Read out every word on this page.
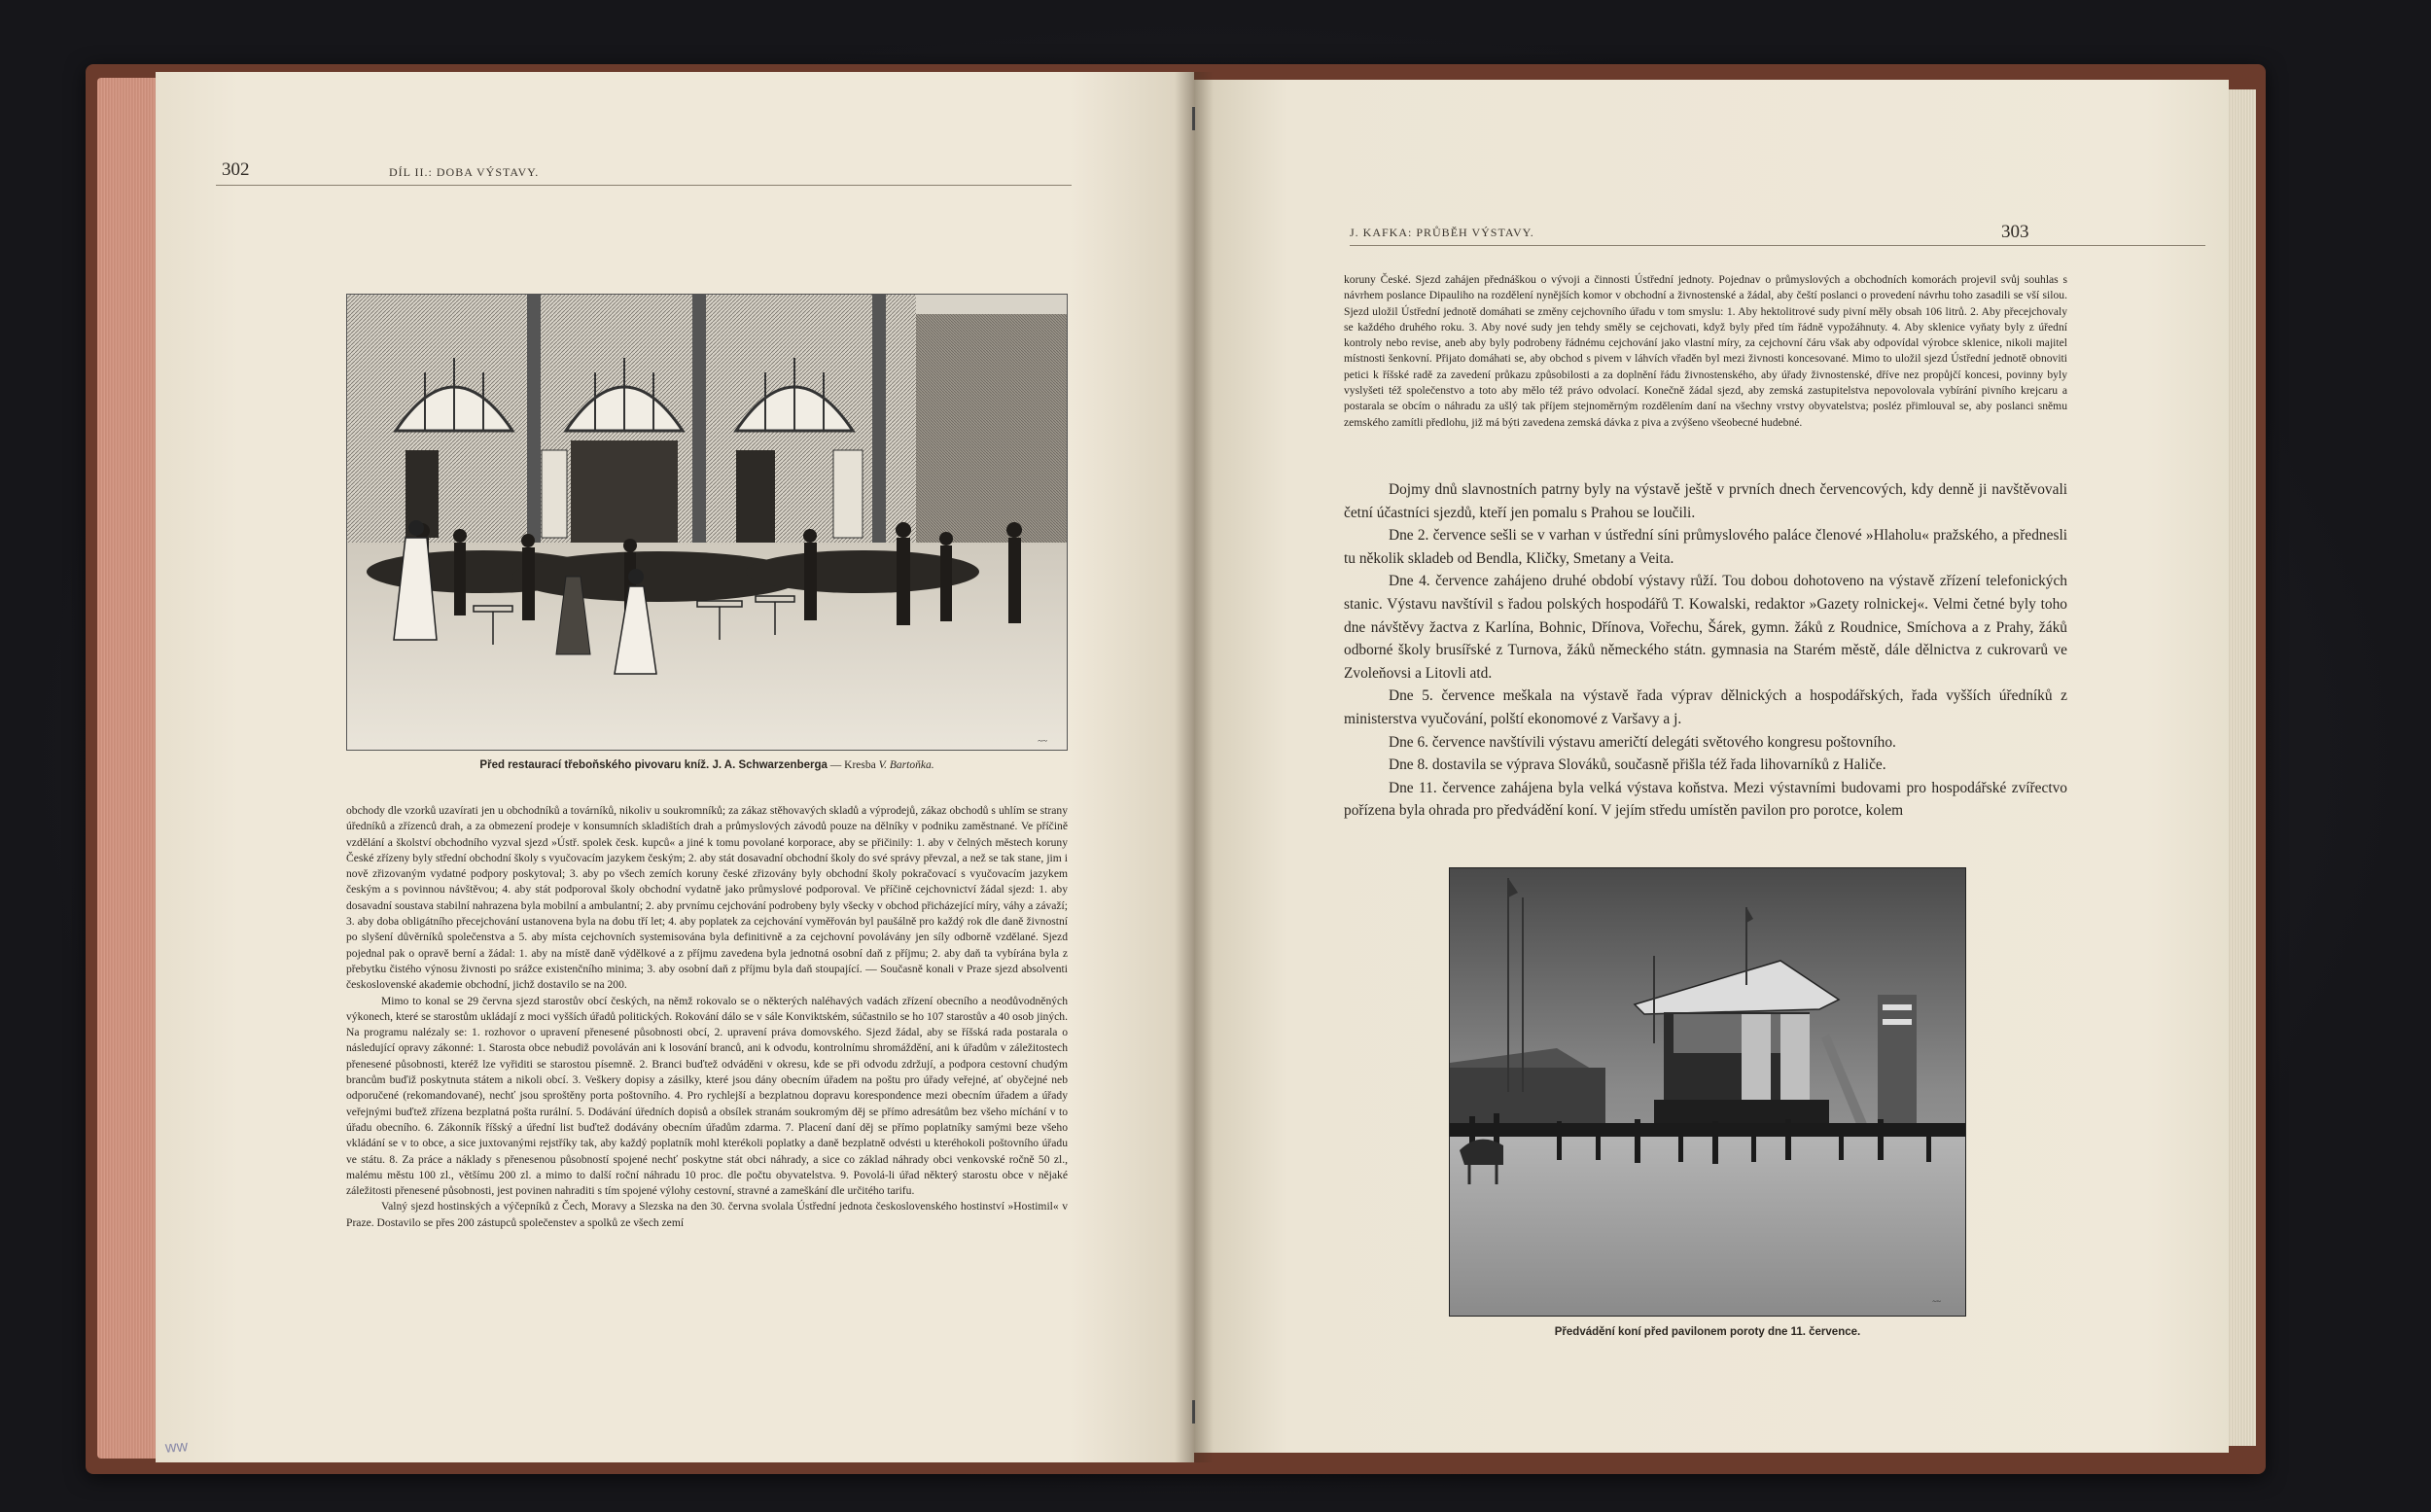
302	DÍL II.: DOBA VÝSTAVY.
~~
Před restaurací třeboňského pivovaru kníž. J. A. Schwarzenberga — Kresba V. Bartoňka.

obchody dle vzorků uzavírati jen u obchodníků a továrníků, nikoliv u soukromníků; za zákaz stěhovavých skladů a výprodejů, zákaz obchodů s uhlím se strany úředníků a zřízenců drah, a za obmezení prodeje v konsumních skladištích drah a průmyslových závodů pouze na dělníky v podniku zaměstnané. Ve příčině vzdělání a školství obchodního vyzval sjezd »Ústř. spolek česk. kupců« a jiné k tomu povolané korporace, aby se přičinily: 1. aby v čelných městech koruny České zřízeny byly střední obchodní školy s vyučovacím jazykem českým; 2. aby stát dosavadní obchodní školy do své správy převzal, a než se tak stane, jim i nově zřizovaným vydatné podpory poskytoval; 3. aby po všech zemích koruny české zřizovány byly obchodní školy pokračovací s vyučovacím jazykem českým a s povinnou návštěvou; 4. aby stát podporoval školy obchodní vydatně jako průmyslové podporoval. Ve příčině cejchovnictví žádal sjezd: 1. aby dosavadní soustava stabilní nahrazena byla mobilní a ambulantní; 2. aby prvnímu cejchování podrobeny byly všecky v obchod přicházející míry, váhy a závaží; 3. aby doba obligátního přecejchování ustanovena byla na dobu tří let; 4. aby poplatek za cejchování vyměřován byl paušálně pro každý rok dle daně živnostní po slyšení důvěrníků společenstva a 5. aby místa cejchovních systemisována byla definitivně a za cejchovní povolávány jen síly odborně vzdělané. Sjezd pojednal pak o opravě berní a žádal: 1. aby na místě daně výdělkové a z příjmu zavedena byla jednotná osobní daň z příjmu; 2. aby daň ta vybírána byla z přebytku čistého výnosu živnosti po srážce existenčního minima; 3. aby osobní daň z příjmu byla daň stoupající. — Současně konali v Praze sjezd absolventi československé akademie obchodní, jichž dostavilo se na 200.

Mimo to konal se 29 června sjezd starostův obcí českých, na němž rokovalo se o některých naléhavých vadách zřízení obecního a neodůvodněných výkonech, které se starostům ukládají z moci vyšších úřadů politických. Rokování dálo se v sále Konviktském, súčastnilo se ho 107 starostův a 40 osob jiných. Na programu nalézaly se: 1. rozhovor o upravení přenesené působnosti obcí, 2. upravení práva domovského. Sjezd žádal, aby se říšská rada postarala o následující opravy zákonné: 1. Starosta obce nebudiž povoláván ani k losování branců, ani k odvodu, kontrolnímu shromáždění, ani k úřadům v záležitostech přenesené působnosti, kteréž lze vyřiditi se starostou písemně. 2. Branci buďtež odváděni v okresu, kde se při odvodu zdržují, a podpora cestovní chudým brancům buďiž poskytnuta státem a nikoli obcí. 3. Veškery dopisy a zásilky, které jsou dány obecním úřadem na poštu pro úřady veřejné, ať obyčejné neb odporučené (rekomandované), nechť jsou sproštěny porta poštovního. 4. Pro rychlejší a bezplatnou dopravu korespondence mezi obecním úřadem a úřady veřejnými buďtež zřízena bezplatná pošta rurální. 5. Dodávání úředních dopisů a obsílek stranám soukromým děj se přímo adresátům bez všeho míchání v to úřadu obecního. 6. Zákonník říšský a úřední list buďtež dodávány obecním úřadům zdarma. 7. Placení daní děj se přímo poplatníky samými beze všeho vkládání se v to obce, a sice juxtovanými rejstříky tak, aby každý poplatník mohl kterékoli poplatky a daně bezplatně odvésti u kteréhokoli poštovního úřadu ve státu. 8. Za práce a náklady s přenesenou působností spojené nechť poskytne stát obci náhrady, a sice co základ náhrady obci venkovské ročně 50 zl., malému městu 100 zl., většímu 200 zl. a mimo to další roční náhradu 10 proc. dle počtu obyvatelstva. 9. Povolá-li úřad některý starostu obce v nějaké záležitosti přenesené působnosti, jest povinen nahraditi s tím spojené výlohy cestovní, stravné a zameškání dle určitého tarifu.

Valný sjezd hostinských a výčepníků z Čech, Moravy a Slezska na den 30. června svolala Ústřední jednota československého hostinství »Hostimil« v Praze. Dostavilo se přes 200 zástupců společenstev a spolků ze všech zemí

J. KAFKA: PRŮBĚH VÝSTAVY.	303

koruny České. Sjezd zahájen přednáškou o vývoji a činnosti Ústřední jednoty. Pojednav o průmyslových a obchodních komorách projevil svůj souhlas s návrhem poslance Dipauliho na rozdělení nynějších komor v obchodní a živnostenské a žádal, aby čeští poslanci o provedení návrhu toho zasadili se vší silou. Sjezd uložil Ústřední jednotě domáhati se změny cejchovního úřadu v tom smyslu: 1. Aby hektolitrové sudy pivní měly obsah 106 litrů. 2. Aby přecejchovaly se každého druhého roku. 3. Aby nové sudy jen tehdy směly se cejchovati, když byly před tím řádně vypožáhnuty. 4. Aby sklenice vyňaty byly z úřední kontroly nebo revise, aneb aby byly podrobeny řádnému cejchování jako vlastní míry, za cejchovní čáru však aby odpovídal výrobce sklenice, nikoli majitel místnosti šenkovní. Přijato domáhati se, aby obchod s pivem v láhvích vřaděn byl mezi živnosti koncesované. Mimo to uložil sjezd Ústřední jednotě obnoviti petici k říšské radě za zavedení průkazu způsobilosti a za doplnění řádu živnostenského, aby úřady živnostenské, dříve nez propůjčí koncesi, povinny byly vyslyšeti též společenstvo a toto aby mělo též právo odvolací. Konečně žádal sjezd, aby zemská zastupitelstva nepovolovala vybírání pivního krejcaru a postarala se obcím o náhradu za ušlý tak příjem stejnoměrným rozdělením daní na všechny vrstvy obyvatelstva; posléz přimlouval se, aby poslanci sněmu zemského zamítli předlohu, již má býti zavedena zemská dávka z piva a zvýšeno všeobecné hudebné.

Dojmy dnů slavnostních patrny byly na výstavě ještě v prvních dnech červencových, kdy denně ji navštěvovali četní účastníci sjezdů, kteří jen pomalu s Prahou se loučili.

Dne 2. července sešli se v varhan v ústřední síni průmyslového paláce členové »Hlaholu« pražského, a přednesli tu několik skladeb od Bendla, Kličky, Smetany a Veita.

Dne 4. července zahájeno druhé období výstavy růží. Tou dobou dohotoveno na výstavě zřízení telefonických stanic. Výstavu navštívil s řadou polských hospodářů T. Kowalski, redaktor »Gazety rolnickej«. Velmi četné byly toho dne návštěvy žactva z Karlína, Bohnic, Dřínova, Vořechu, Šárek, gymn. žáků z Roudnice, Smíchova a z Prahy, žáků odborné školy brusířské z Turnova, žáků německého státn. gymnasia na Starém městě, dále dělnictva z cukrovarů ve Zvoleňovsi a Litovli atd.

Dne 5. července meškala na výstavě řada výprav dělnických a hospodářských, řada vyšších úředníků z ministerstva vyučování, polští ekonomové z Varšavy a j.

Dne 6. července navštívili výstavu američtí delegáti světového kongresu poštovního.

Dne 8. dostavila se výprava Slováků, současně přišla též řada lihovarníků z Haliče.

Dne 11. července zahájena byla velká výstava koňstva. Mezi výstavními budovami pro hospodářské zvířectvo pořízena byla ohrada pro předvádění koní. V jejím středu umístěn pavilon pro porotce, kolem

~~
Předvádění koní před pavilonem poroty dne 11. července.
ww
